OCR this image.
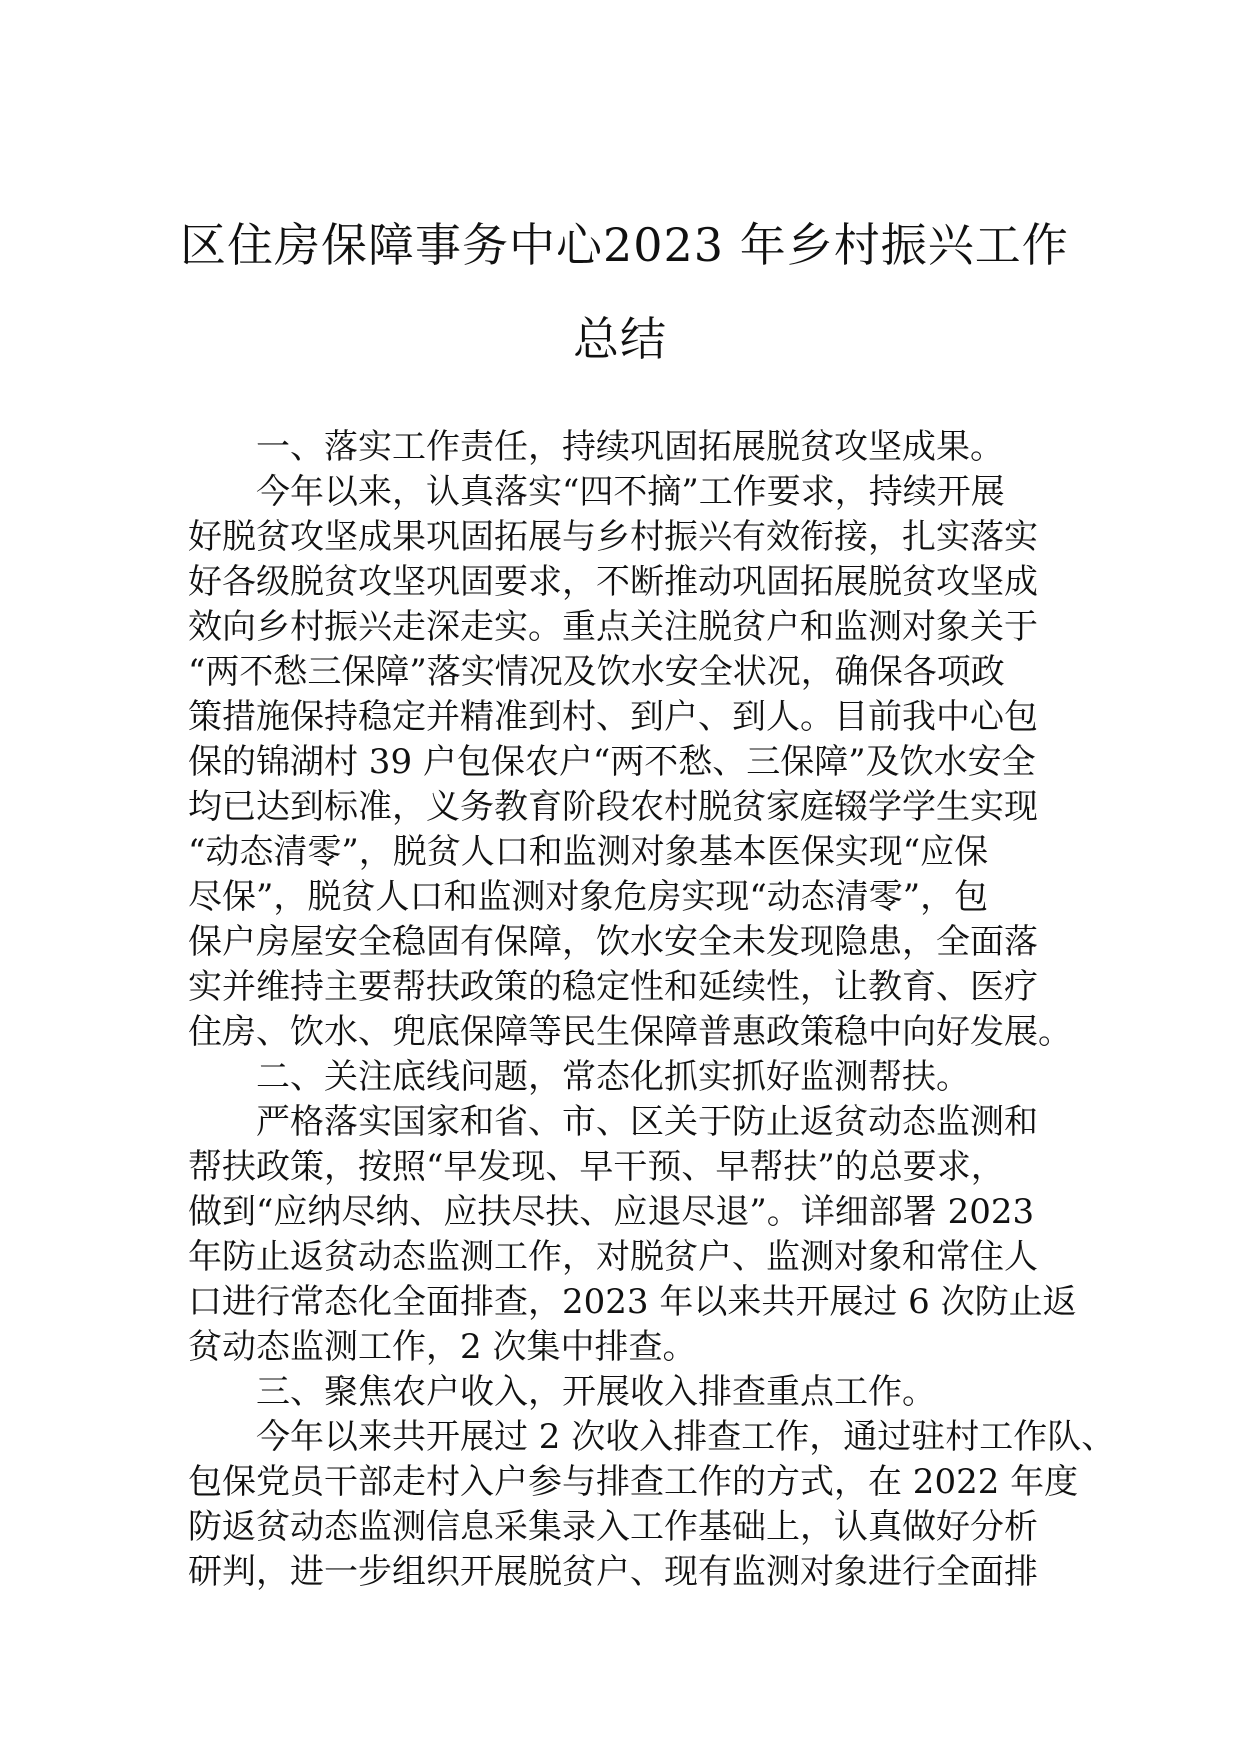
区住房保障事务中心2023 年乡村振兴工作
总结
一、落实工作责任，持续巩固拓展脱贫攻坚成果。
今年以来，认真落实“四不摘”工作要求，持续开展
好脱贫攻坚成果巩固拓展与乡村振兴有效衔接，扎实落实
好各级脱贫攻坚巩固要求，不断推动巩固拓展脱贫攻坚成
效向乡村振兴走深走实。重点关注脱贫户和监测对象关于
“两不愁三保障”落实情况及饮水安全状况，确保各项政
策措施保持稳定并精准到村、到户、到人。目前我中心包
保的锦湖村 39 户包保农户“两不愁、三保障”及饮水安全
均已达到标准，义务教育阶段农村脱贫家庭辍学学生实现
“动态清零”，脱贫人口和监测对象基本医保实现“应保
尽保”，脱贫人口和监测对象危房实现“动态清零”，包
保户房屋安全稳固有保障，饮水安全未发现隐患，全面落
实并维持主要帮扶政策的稳定性和延续性，让教育、医疗
住房、饮水、兜底保障等民生保障普惠政策稳中向好发展。
二、关注底线问题，常态化抓实抓好监测帮扶。
严格落实国家和省、市、区关于防止返贫动态监测和
帮扶政策，按照“早发现、早干预、早帮扶”的总要求，
做到“应纳尽纳、应扶尽扶、应退尽退”。详细部署 2023
年防止返贫动态监测工作，对脱贫户、监测对象和常住人
口进行常态化全面排查，2023 年以来共开展过 6 次防止返
贫动态监测工作，2 次集中排查。
三、聚焦农户收入，开展收入排查重点工作。
今年以来共开展过 2 次收入排查工作，通过驻村工作队、
包保党员干部走村入户参与排查工作的方式，在 2022 年度
防返贫动态监测信息采集录入工作基础上，认真做好分析
研判，进一步组织开展脱贫户、现有监测对象进行全面排
